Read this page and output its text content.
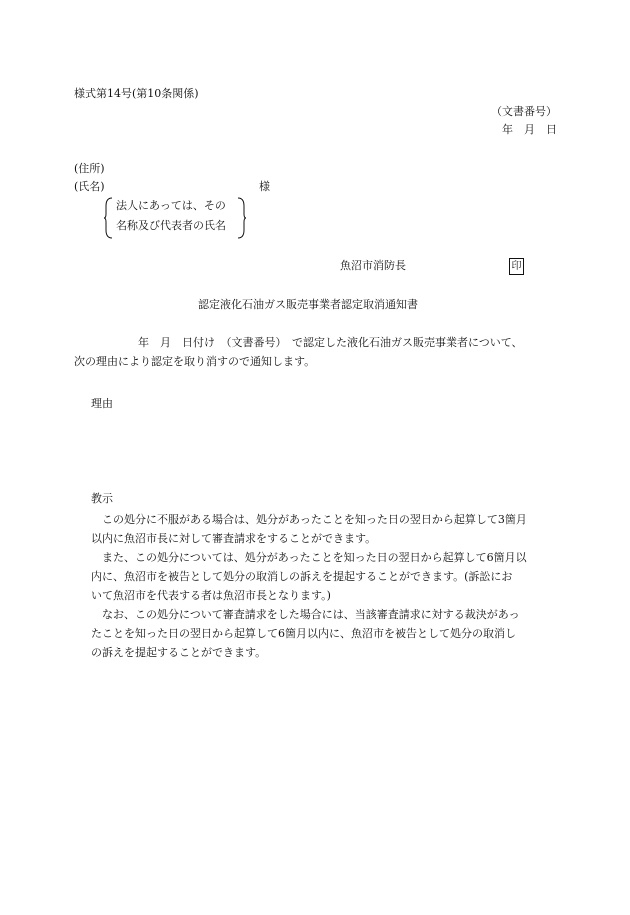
様式第14号(第10条関係)
（文書番号）
年　月　日
(住所)
(氏名)	様
法人にあっては、その
名称及び代表者の氏名
魚沼市消防長	印
認定液化石油ガス販売事業者認定取消通知書
年　月　日付け　（文書番号）　で認定した液化石油ガス販売事業者について、
次の理由により認定を取り消すので通知します。
理由
教示
この処分に不服がある場合は、処分があったことを知った日の翌日から起算して3箇月
以内に魚沼市長に対して審査請求をすることができます。
また、この処分については、処分があったことを知った日の翌日から起算して6箇月以
内に、魚沼市を被告として処分の取消しの訴えを提起することができます。(訴訟にお
いて魚沼市を代表する者は魚沼市長となります。)
なお、この処分について審査請求をした場合には、当該審査請求に対する裁決があっ
たことを知った日の翌日から起算して6箇月以内に、魚沼市を被告として処分の取消し
の訴えを提起することができます。
